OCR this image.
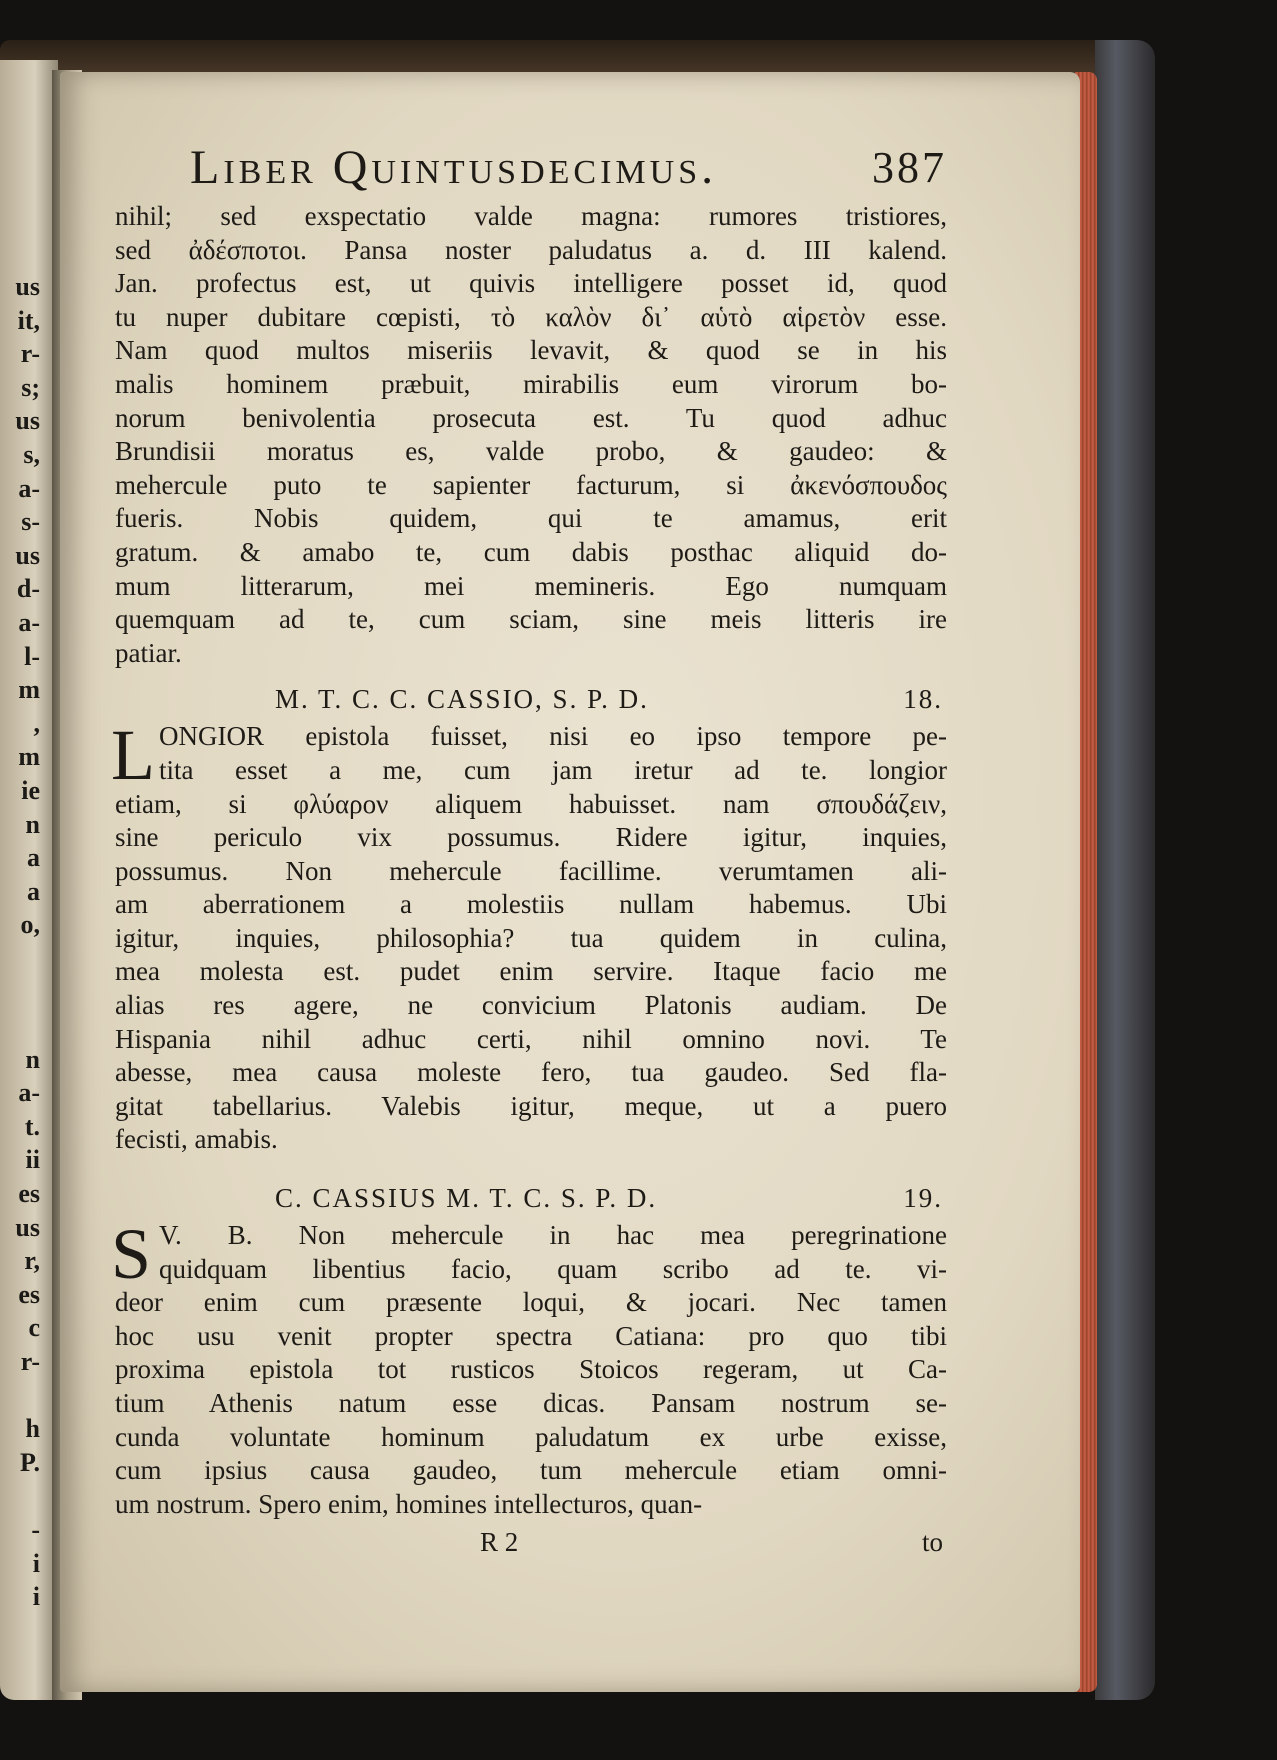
us
it,
r-
s;
us
s,
a-
s-
us
d-
a-
l-
m
,
m
ie
n
a
a
o,
n
a-
t.
ii
es
us
r,
es
c
r-
h
P.
-
i
i
Liber Quintusdecimus.	387
nihil; sed exspectatio valde magna: rumores tristiores,
sed ἀδέσποτοι. Pansa noster paludatus a. d. III kalend.
Jan. profectus est, ut quivis intelligere posset id, quod
tu nuper dubitare cœpisti, τὸ καλὸν δι᾽ αὑτὸ αἱρετὸν esse.
Nam quod multos miseriis levavit, & quod se in his
malis hominem præbuit, mirabilis eum virorum bo-
norum benivolentia prosecuta est. Tu quod adhuc
Brundisii moratus es, valde probo, & gaudeo: &
mehercule puto te sapienter facturum, si ἀκενόσπουδος
fueris. Nobis quidem, qui te amamus, erit
gratum. & amabo te, cum dabis posthac aliquid do-
mum litterarum, mei memineris. Ego numquam
quemquam ad te, cum sciam, sine meis litteris ire
patiar.
M. T. C. C. CASSIO, S. P. D.	18.
L ONGIOR epistola fuisset, nisi eo ipso tempore pe-
tita esset a me, cum jam iretur ad te. longior
etiam, si φλύαρον aliquem habuisset. nam σπουδάζειν,
sine periculo vix possumus. Ridere igitur, inquies,
possumus. Non mehercule facillime. verumtamen ali-
am aberrationem a molestiis nullam habemus. Ubi
igitur, inquies, philosophia? tua quidem in culina,
mea molesta est. pudet enim servire. Itaque facio me
alias res agere, ne convicium Platonis audiam. De
Hispania nihil adhuc certi, nihil omnino novi. Te
abesse, mea causa moleste fero, tua gaudeo. Sed fla-
gitat tabellarius. Valebis igitur, meque, ut a puero
fecisti, amabis.
C. CASSIUS M. T. C. S. P. D.	19.
S V. B. Non mehercule in hac mea peregrinatione
quidquam libentius facio, quam scribo ad te. vi-
deor enim cum præsente loqui, & jocari. Nec tamen
hoc usu venit propter spectra Catiana: pro quo tibi
proxima epistola tot rusticos Stoicos regeram, ut Ca-
tium Athenis natum esse dicas. Pansam nostrum se-
cunda voluntate hominum paludatum ex urbe exisse,
cum ipsius causa gaudeo, tum mehercule etiam omni-
um nostrum. Spero enim, homines intellecturos, quan-
R 2	to
